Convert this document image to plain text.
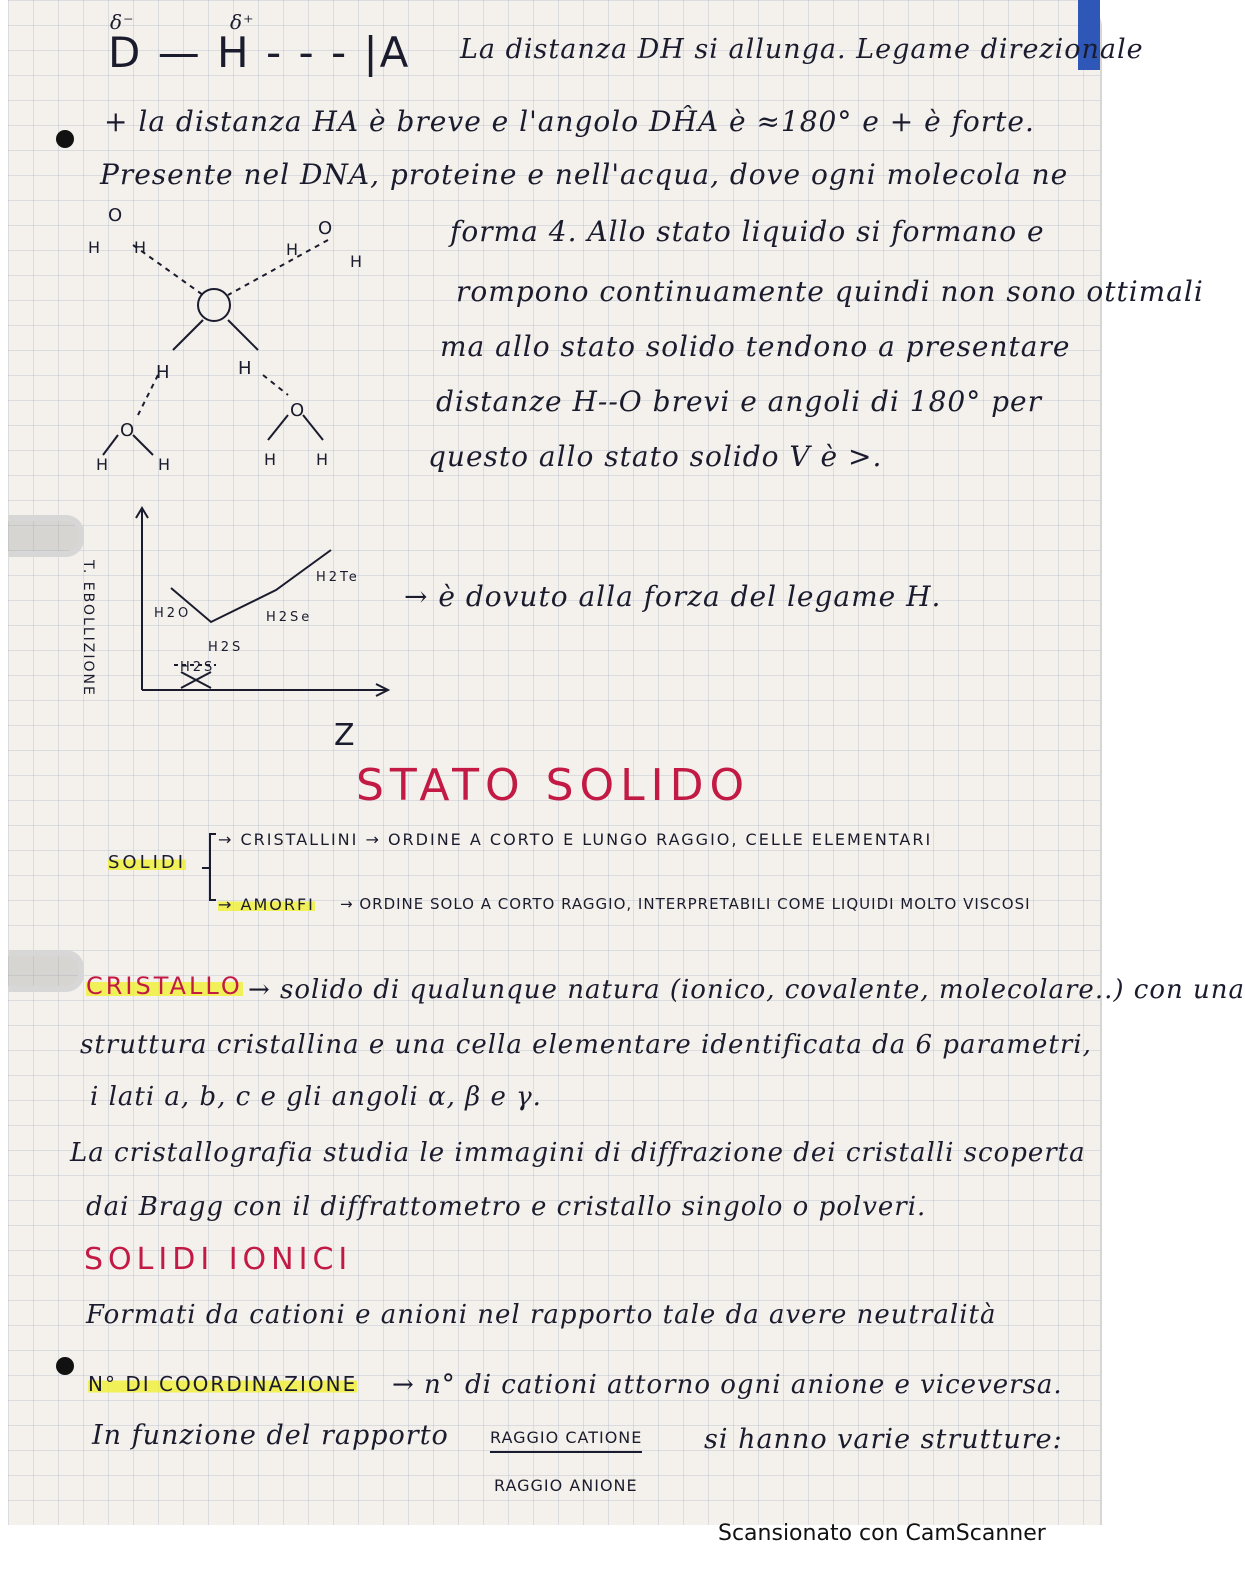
δ⁻	δ⁺
D — H - - - |A La distanza DH si allunga. Legame direzionale
+ la distanza HA è breve e l'angolo DĤA è ≈180° e + è forte.
Presente nel DNA, proteine e nell'acqua, dove ogni molecola ne
forma 4. Allo stato liquido si formano e
rompono continuamente quindi non sono ottimali
ma allo stato solido tendono a presentare
distanze H--O brevi e angoli di 180° per
questo allo stato solido V è >.
O
H H
O
H
H
H	H
O
H	H
O
H H
T. EBOLLIZIONE	H2O
H2S
H2Se
H2Te
H2S
Z
→ è dovuto alla forza del legame H.
STATO SOLIDO
SOLIDI
→ CRISTALLINI → ORDINE A CORTO E LUNGO RAGGIO, CELLE ELEMENTARI
→ AMORFI → ORDINE SOLO A CORTO RAGGIO, INTERPRETABILI COME LIQUIDI MOLTO VISCOSI
CRISTALLO → solido di qualunque natura (ionico, covalente, molecolare..) con una
struttura cristallina e una cella elementare identificata da 6 parametri,
i lati a, b, c e gli angoli α, β e γ.
La cristallografia studia le immagini di diffrazione dei cristalli scoperta
dai Bragg con il diffrattometro e cristallo singolo o polveri.
SOLIDI IONICI
Formati da cationi e anioni nel rapporto tale da avere neutralità
N° DI COORDINAZIONE → n° di cationi attorno ogni anione e viceversa.
In funzione del rapporto	RAGGIO CATIONE
RAGGIO ANIONE
si hanno varie strutture:
Scansionato con CamScanner
